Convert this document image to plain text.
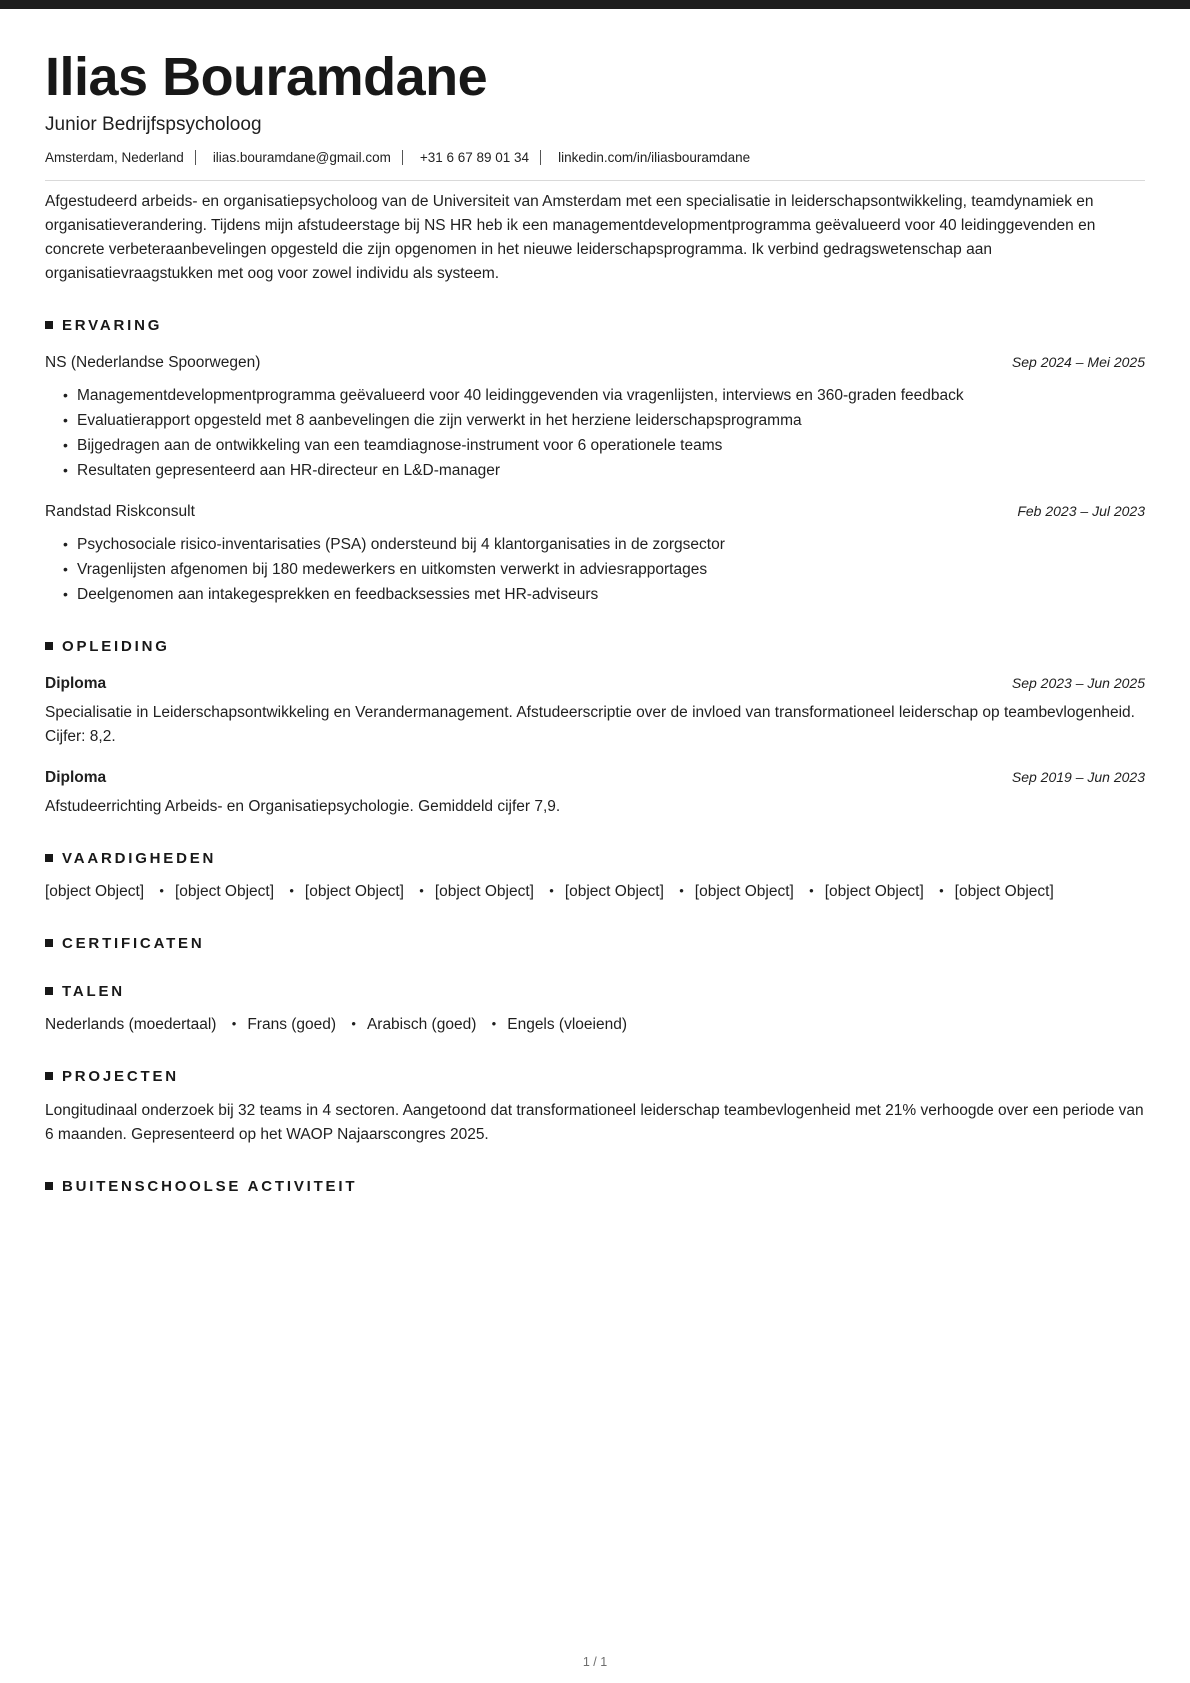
Ilias Bouramdane
Junior Bedrijfspsycholoog
Amsterdam, Nederland ilias.bouramdane@gmail.com +31 6 67 89 01 34 linkedin.com/in/iliasbouramdane

Afgestudeerd arbeids- en organisatiepsycholoog van de Universiteit van Amsterdam met een specialisatie in leiderschapsontwikkeling, teamdynamiek en organisatieverandering. Tijdens mijn afstudeerstage bij NS HR heb ik een managementdevelopmentprogramma geëvalueerd voor 40 leidinggevenden en concrete verbeteraanbevelingen opgesteld die zijn opgenomen in het nieuwe leiderschapsprogramma. Ik verbind gedragswetenschap aan organisatievraagstukken met oog voor zowel individu als systeem.

ERVARING
NS (Nederlandse Spoorwegen)	Sep 2024 – Mei 2025
• Managementdevelopmentprogramma geëvalueerd voor 40 leidinggevenden via vragenlijsten, interviews en 360-graden feedback
• Evaluatierapport opgesteld met 8 aanbevelingen die zijn verwerkt in het herziene leiderschapsprogramma
• Bijgedragen aan de ontwikkeling van een teamdiagnose-instrument voor 6 operationele teams
• Resultaten gepresenteerd aan HR-directeur en L&D-manager
Randstad Riskconsult	Feb 2023 – Jul 2023
• Psychosociale risico-inventarisaties (PSA) ondersteund bij 4 klantorganisaties in de zorgsector
• Vragenlijsten afgenomen bij 180 medewerkers en uitkomsten verwerkt in adviesrapportages
• Deelgenomen aan intakegesprekken en feedbacksessies met HR-adviseurs
OPLEIDING
Diploma	Sep 2023 – Jun 2025

Specialisatie in Leiderschapsontwikkeling en Verandermanagement. Afstudeerscriptie over de invloed van transformationeel leiderschap op teambevlogenheid. Cijfer: 8,2.

Diploma	Sep 2019 – Jun 2023

Afstudeerrichting Arbeids- en Organisatiepsychologie. Gemiddeld cijfer 7,9.

VAARDIGHEDEN
[object Object] • [object Object] • [object Object] • [object Object] • [object Object] • [object Object] • [object Object] • [object Object]
CERTIFICATEN
TALEN
Nederlands (moedertaal) • Frans (goed) • Arabisch (goed) • Engels (vloeiend)
PROJECTEN

Longitudinaal onderzoek bij 32 teams in 4 sectoren. Aangetoond dat transformationeel leiderschap teambevlogenheid met 21% verhoogde over een periode van 6 maanden. Gepresenteerd op het WAOP Najaarscongres 2025.

BUITENSCHOOLSE ACTIVITEIT
1 / 1
